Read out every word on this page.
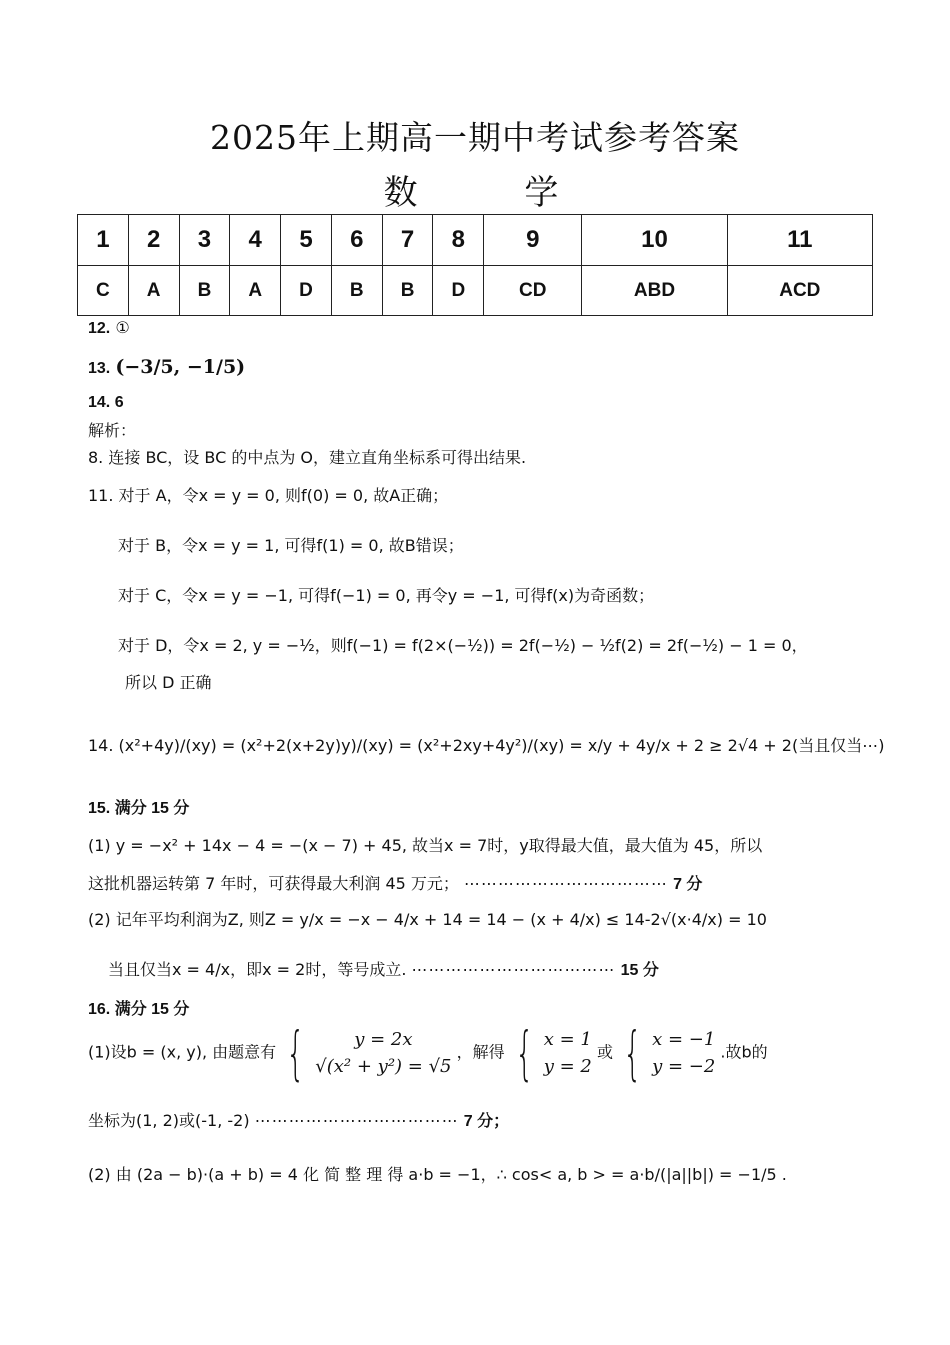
2025年上期高一期中考试参考答案
数 学
1	2	3	4	5	6	7	8	9	10	11
C	A	B	A	D	B	B	D	CD	ABD	ACD
12. ①
13. (−3/5, −1/5)
14. 6
解析：
8. 连接 BC，设 BC 的中点为 O，建立直角坐标系可得出结果.
11. 对于 A，令x = y = 0, 则f(0) = 0, 故A正确；
对于 B，令x = y = 1, 可得f(1) = 0, 故B错误；
对于 C，令x = y = −1, 可得f(−1) = 0, 再令y = −1, 可得f(x)为奇函数；
对于 D，令x = 2, y = −½，则f(−1) = f(2×(−½)) = 2f(−½) − ½f(2) = 2f(−½) − 1 = 0，
所以 D 正确
14. (x²+4y)/(xy) = (x²+2(x+2y)y)/(xy) = (x²+2xy+4y²)/(xy) = x/y + 4y/x + 2 ≥ 2√4 + 2(当且仅当⋯)
15. 满分 15 分
(1) y = −x² + 14x − 4 = −(x − 7) + 45, 故当x = 7时，y取得最大值，最大值为 45，所以
这批机器运转第 7 年时，可获得最大利润 45 万元； ⋯⋯⋯⋯⋯⋯⋯⋯⋯⋯⋯⋯ 7 分
(2) 记年平均利润为Z, 则Z = y/x = −x − 4/x + 14 = 14 − (x + 4/x) ≤ 14-2√(x·4/x) = 10
当且仅当x = 4/x，即x = 2时，等号成立. ⋯⋯⋯⋯⋯⋯⋯⋯⋯⋯⋯⋯ 15 分
16. 满分 15 分
(1)设b = (x, y), 由题意有 {	y = 2x
√(x² + y²) = √5
，解得 { x = 1
y = 2
或 { x = −1
y = −2
.故b的
坐标为(1, 2)或(-1, -2) ⋯⋯⋯⋯⋯⋯⋯⋯⋯⋯⋯⋯ 7 分；
(2) 由 (2a − b)·(a + b) = 4 化 简 整 理 得 a·b = −1，∴ cos< a, b > = a·b/(|a||b|) = −1/5 .
